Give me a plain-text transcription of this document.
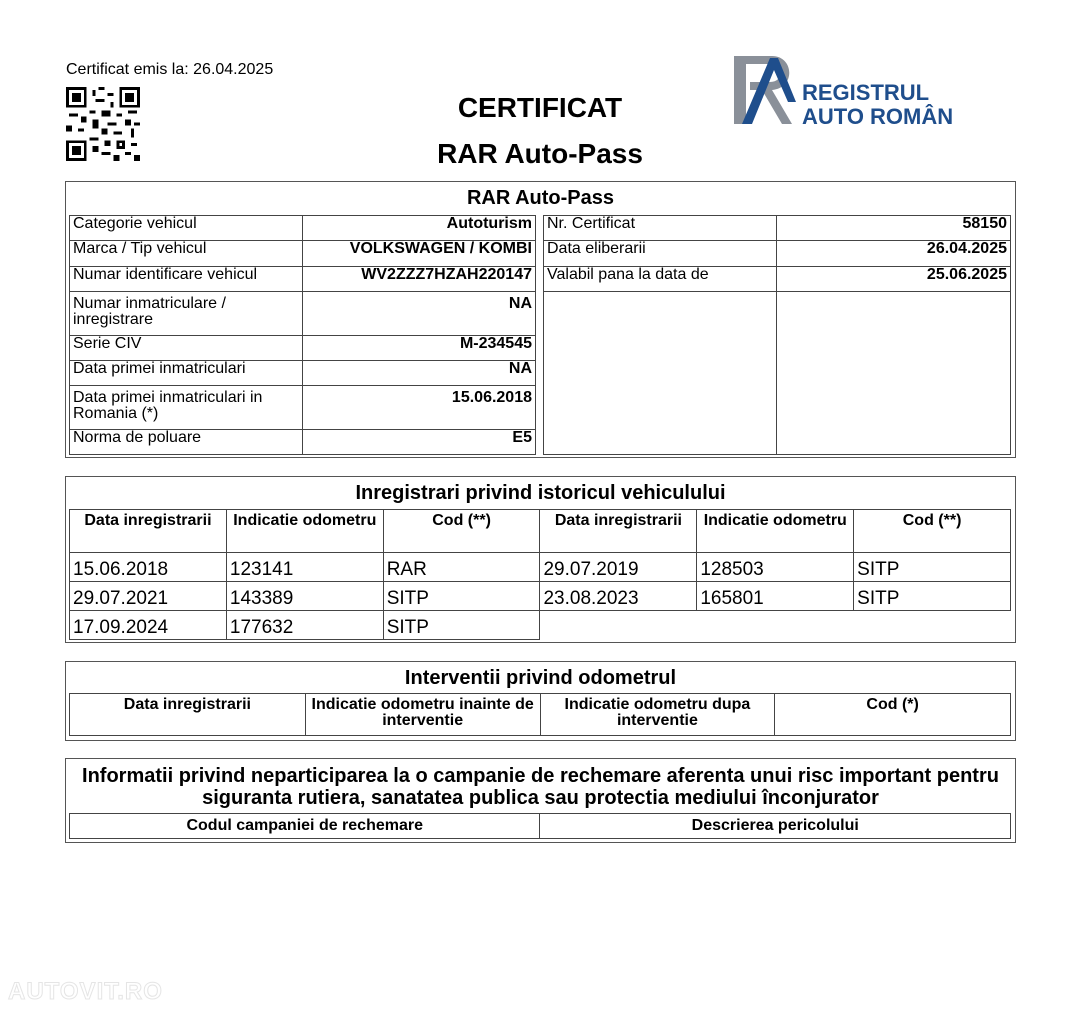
Certificat emis la: 26.04.2025
CERTIFICAT
RAR Auto-Pass
REGISTRUL
AUTO ROMÂN
RAR Auto-Pass
Categorie vehicul	Autoturism
Marca / Tip vehicul	VOLKSWAGEN / KOMBI
Numar identificare vehicul	WV2ZZZ7HZAH220147
Numar inmatriculare / inregistrare	NA
Serie CIV	M-234545
Data primei inmatriculari	NA
Data primei inmatriculari in Romania (*)	15.06.2018
Norma de poluare	E5
Nr. Certificat	58150
Data eliberarii	26.04.2025
Valabil pana la data de	25.06.2025

Inregistrari privind istoricul vehiculului
Data inregistrarii	Indicatie odometru	Cod (**)	Data inregistrarii	Indicatie odometru	Cod (**)
15.06.2018	123141	RAR	29.07.2019	128503	SITP
29.07.2021	143389	SITP	23.08.2023	165801	SITP
17.09.2024	177632	SITP			
Interventii privind odometrul
Data inregistrarii	Indicatie odometru inainte de interventie	Indicatie odometru dupa interventie	Cod (*)
Informatii privind neparticiparea la o campanie de rechemare aferenta unui risc important pentru siguranta rutiera, sanatatea publica sau protectia mediului înconjurator
Codul campaniei de rechemare	Descrierea pericolului
AUTOVIT.RO
